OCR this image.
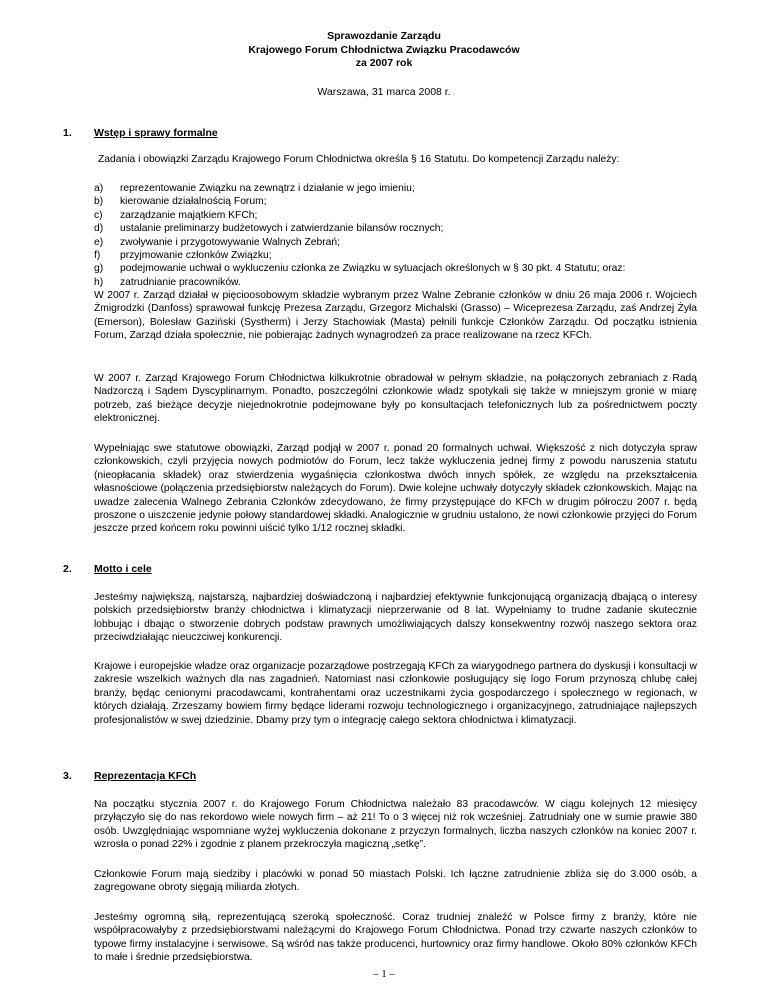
Sprawozdanie Zarządu
Krajowego Forum Chłodnictwa Związku Pracodawców
za 2007 rok
Warszawa, 31 marca 2008 r.
1. Wstęp i sprawy formalne

Zadania i obowiązki Zarządu Krajowego Forum Chłodnictwa określa § 16 Statutu. Do kompetencji Zarządu należy:

a)	reprezentowanie Związku na zewnątrz i działanie w jego imieniu;
b)	kierowanie działalnością Forum;
c)	zarządzanie majątkiem KFCh;
d)	ustalanie preliminarzy budżetowych i zatwierdzanie bilansów rocznych;
e)	zwoływanie i przygotowywanie Walnych Zebrań;
f)	przyjmowanie członków Związku;
g)	podejmowanie uchwał o wykluczeniu członka ze Związku w sytuacjach określonych w § 30 pkt. 4 Statutu; oraz:
h)	zatrudnianie pracowników.

W 2007 r. Zarząd działał w pięcioosobowym składzie wybranym przez Walne Zebranie członków w dniu 26 maja 2006 r. Wojciech Żmigrodzki (Danfoss) sprawował funkcję Prezesa Zarządu, Grzegorz Michalski (Grasso) – Wiceprezesa Zarządu, zaś Andrzej Żyła (Emerson), Bolesław Gaziński (Systherm) i Jerzy Stachowiak (Masta) pełnili funkcje Członków Zarządu. Od początku istnienia Forum, Zarząd działa społecznie, nie pobierając żadnych wynagrodzeń za prace realizowane na rzecz KFCh.

W 2007 r. Zarząd Krajowego Forum Chłodnictwa kilkukrotnie obradował w pełnym składzie, na połączonych zebraniach z Radą Nadzorczą i Sądem Dyscyplinarnym. Ponadto, poszczególni członkowie władz spotykali się także w mniejszym gronie w miarę potrzeb, zaś bieżące decyzje niejednokrotnie podejmowane były po konsultacjach telefonicznych lub za pośrednictwem poczty elektronicznej.

Wypełniając swe statutowe obowiązki, Zarząd podjął w 2007 r. ponad 20 formalnych uchwał. Większość z nich dotyczyła spraw członkowskich, czyli przyjęcia nowych podmiotów do Forum, lecz także wykluczenia jednej firmy z powodu naruszenia statutu (nieopłacania składek) oraz stwierdzenia wygaśnięcia członkostwa dwóch innych spółek, ze względu na przekształcenia własnościowe (połączenia przedsiębiorstw należących do Forum). Dwie kolejne uchwały dotyczyły składek członkowskich. Mając na uwadze zalecenia Walnego Zebrania Członków zdecydowano, że firmy przystępujące do KFCh w drugim półroczu 2007 r. będą proszone o uiszczenie jedynie połowy standardowej składki. Analogicznie w grudniu ustalono, że nowi członkowie przyjęci do Forum jeszcze przed końcem roku powinni uiścić tylko 1/12 rocznej składki.

2. Motto i cele

Jesteśmy największą, najstarszą, najbardziej doświadczoną i najbardziej efektywnie funkcjonującą organizacją dbającą o interesy polskich przedsiębiorstw branży chłodnictwa i klimatyzacji nieprzerwanie od 8 lat. Wypełniamy to trudne zadanie skutecznie lobbując i dbając o stworzenie dobrych podstaw prawnych umożliwiających dalszy konsekwentny rozwój naszego sektora oraz przeciwdziałając nieuczciwej konkurencji.

Krajowe i europejskie władze oraz organizacje pozarządowe postrzegają KFCh za wiarygodnego partnera do dyskusji i konsultacji w zakresie wszelkich ważnych dla nas zagadnień. Natomiast nasi członkowie posługujący się logo Forum przynoszą chlubę całej branży, będąc cenionymi pracodawcami, kontrahentami oraz uczestnikami życia gospodarczego i społecznego w regionach, w których działają. Zrzeszamy bowiem firmy będące liderami rozwoju technologicznego i organizacyjnego, zatrudniające najlepszych profesjonalistów w swej dziedzinie. Dbamy przy tym o integrację całego sektora chłodnictwa i klimatyzacji.

3. Reprezentacja KFCh

Na początku stycznia 2007 r. do Krajowego Forum Chłodnictwa należało 83 pracodawców. W ciągu kolejnych 12 miesięcy przyłączyło się do nas rekordowo wiele nowych firm – aż 21! To o 3 więcej niż rok wcześniej. Zatrudniały one w sumie prawie 380 osób. Uwzględniając wspomniane wyżej wykluczenia dokonane z przyczyn formalnych, liczba naszych członków na koniec 2007 r. wzrosła o ponad 22% i zgodnie z planem przekroczyła magiczną „setkę”.

Członkowie Forum mają siedziby i placówki w ponad 50 miastach Polski. Ich łączne zatrudnienie zbliża się do 3.000 osób, a zagregowane obroty sięgają miliarda złotych.

Jesteśmy ogromną siłą, reprezentującą szeroką społeczność. Coraz trudniej znaleźć w Polsce firmy z branży, które nie współpracowałyby z przedsiębiorstwami należącymi do Krajowego Forum Chłodnictwa. Ponad trzy czwarte naszych członków to typowe firmy instalacyjne i serwisowe. Są wśród nas także producenci, hurtownicy oraz firmy handlowe. Około 80% członków KFCh to małe i średnie przedsiębiorstwa.

– 1 –
